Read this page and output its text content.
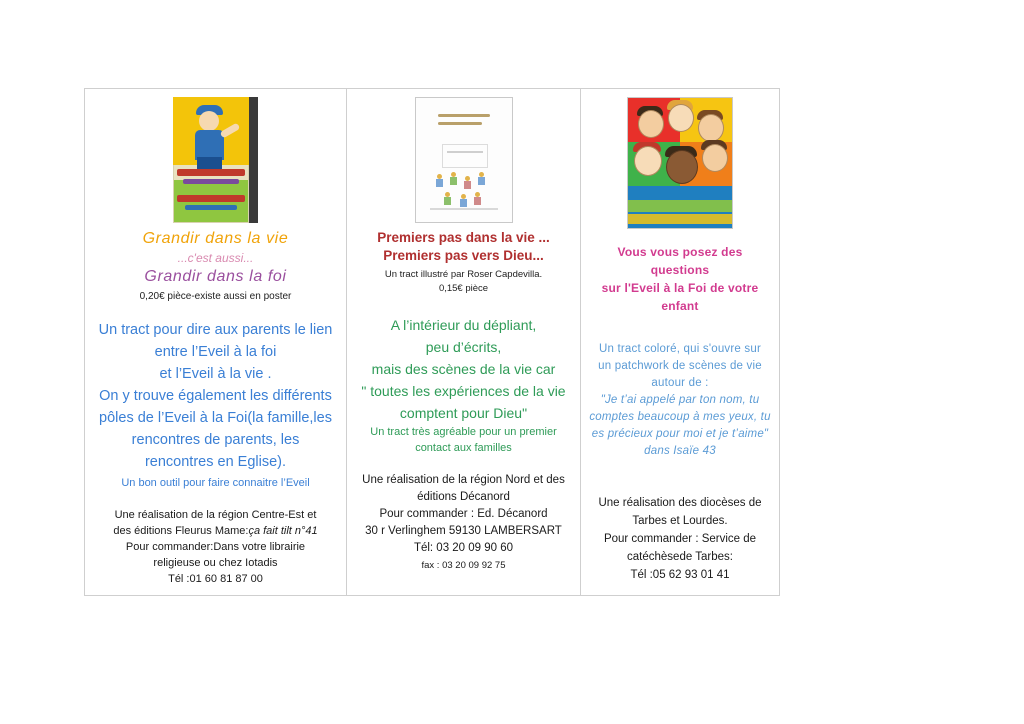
Grandir dans la vie
...c'est aussi...
Grandir dans la foi
0,20€ pièce-existe aussi en poster
Un tract pour dire aux parents le lien
entre l’Eveil à la foi
et l’Eveil à la vie .
On y trouve également les différents
pôles de l’Eveil à la Foi(la famille,les
rencontres de parents, les
rencontres en Eglise).
Un bon outil pour faire connaitre l’Eveil
Une réalisation de la région Centre-Est et
des éditions Fleurus Mame:ça fait tilt n°41
Pour commander:Dans votre librairie
religieuse ou chez Iotadis
Tél :01 60 81 87 00
Premiers pas dans la vie ...
Premiers pas vers Dieu...
Un tract illustré par Roser Capdevilla.
0,15€ pièce
A l’intérieur du dépliant,
peu d’écrits,
mais des scènes de la vie car
" toutes les expériences de la vie
comptent pour Dieu"
Un tract très agréable pour un premier
contact aux familles
Une réalisation de la région Nord et des
éditions Décanord
Pour commander : Ed. Décanord
30 r Verlinghem 59130 LAMBERSART
Tél: 03 20 09 90 60
fax : 03 20 09 92 75
Vous vous posez des questions
sur l'Eveil à la Foi de votre
enfant
Un tract coloré, qui s'ouvre sur
un patchwork de scènes de vie
autour de :
"Je t’ai appelé par ton nom, tu
comptes beaucoup à mes yeux, tu
es précieux pour moi et je t’aime"
dans Isaïe 43
Une réalisation des diocèses de
Tarbes et Lourdes.
Pour commander : Service de
catéchèsede Tarbes:
Tél :05 62 93 01 41
